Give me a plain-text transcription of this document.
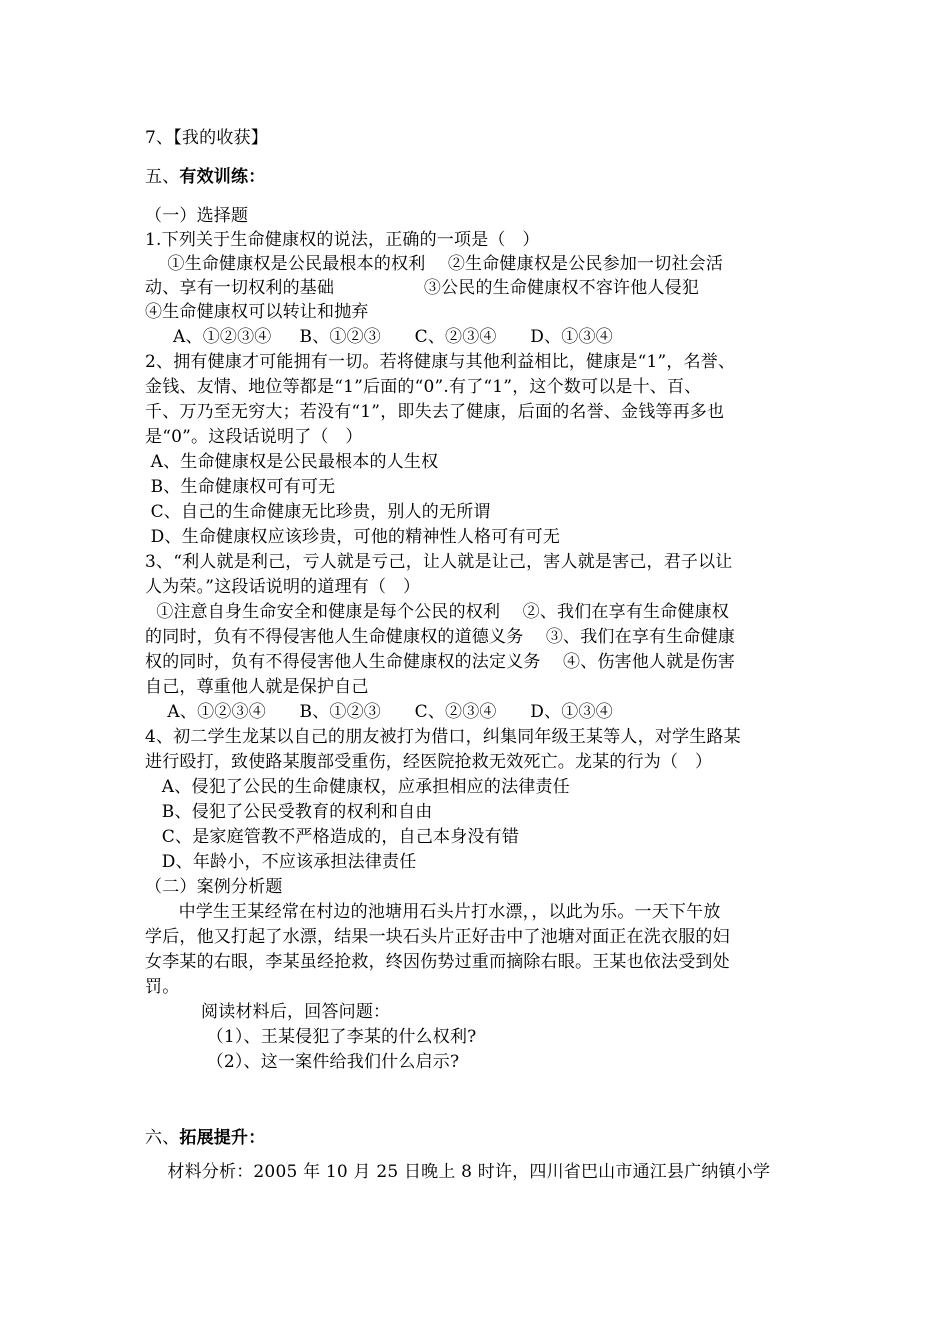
7、【我的收获】
五、有效训练：
（一）选择题
1.下列关于生命健康权的说法，正确的一项是（   ）
①生命健康权是公民最根本的权利    ②生命健康权是公民参加一切社会活
动、享有一切权利的基础                ③公民的生命健康权不容许他人侵犯
④生命健康权可以转让和抛弃
A、①②③④     B、①②③      C、②③④      D、①③④
2、拥有健康才可能拥有一切。若将健康与其他利益相比，健康是“1”，名誉、
金钱、友情、地位等都是“1”后面的“0”.有了“1”，这个数可以是十、百、
千、万乃至无穷大；若没有“1”，即失去了健康，后面的名誉、金钱等再多也
是“0”。这段话说明了（   ）
A、生命健康权是公民最根本的人生权
B、生命健康权可有可无
C、自己的生命健康无比珍贵，别人的无所谓
D、生命健康权应该珍贵，可他的精神性人格可有可无
3、“利人就是利己，亏人就是亏己，让人就是让己，害人就是害己，君子以让
人为荣。”这段话说明的道理有（   ）
①注意自身生命安全和健康是每个公民的权利    ②、我们在享有生命健康权
的同时，负有不得侵害他人生命健康权的道德义务    ③、我们在享有生命健康
权的同时，负有不得侵害他人生命健康权的法定义务    ④、伤害他人就是伤害
自己，尊重他人就是保护自己
A、①②③④      B、①②③      C、②③④      D、①③④
4、初二学生龙某以自己的朋友被打为借口，纠集同年级王某等人，对学生路某
进行殴打，致使路某腹部受重伤，经医院抢救无效死亡。龙某的行为（   ）
A、侵犯了公民的生命健康权，应承担相应的法律责任
B、侵犯了公民受教育的权利和自由
C、是家庭管教不严格造成的，自己本身没有错
D、年龄小，不应该承担法律责任
（二）案例分析题
中学生王某经常在村边的池塘用石头片打水漂，，以此为乐。一天下午放
学后，他又打起了水漂，结果一块石头片正好击中了池塘对面正在洗衣服的妇
女李某的右眼，李某虽经抢救，终因伤势过重而摘除右眼。王某也依法受到处
罚。
阅读材料后，回答问题：
（1）、王某侵犯了李某的什么权利?
（2）、这一案件给我们什么启示?
六、拓展提升：
材料分析：2005 年 10 月 25 日晚上 8 时许，四川省巴山市通江县广纳镇小学
